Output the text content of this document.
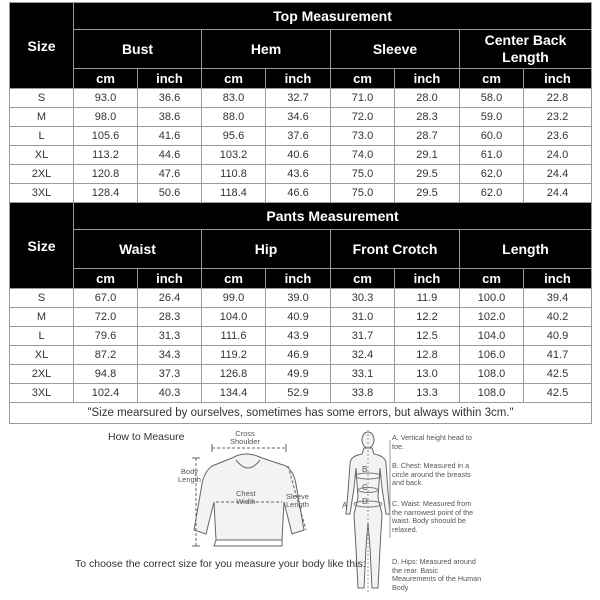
Size	Top Measurement							
	Bust		Hem		Sleeve		Center Back Length	
	cm	inch	cm	inch	cm	inch	cm	inch
S	93.0	36.6	83.0	32.7	71.0	28.0	58.0	22.8
M	98.0	38.6	88.0	34.6	72.0	28.3	59.0	23.2
L	105.6	41.6	95.6	37.6	73.0	28.7	60.0	23.6
XL	113.2	44.6	103.2	40.6	74.0	29.1	61.0	24.0
2XL	120.8	47.6	110.8	43.6	75.0	29.5	62.0	24.4
3XL	128.4	50.6	118.4	46.6	75.0	29.5	62.0	24.4
Size	Pants Measurement							
	Waist		Hip		Front Crotch		Length	
	cm	inch	cm	inch	cm	inch	cm	inch
S	67.0	26.4	99.0	39.0	30.3	11.9	100.0	39.4
M	72.0	28.3	104.0	40.9	31.0	12.2	102.0	40.2
L	79.6	31.3	111.6	43.9	31.7	12.5	104.0	40.9
XL	87.2	34.3	119.2	46.9	32.4	12.8	106.0	41.7
2XL	94.8	37.3	126.8	49.9	33.1	13.0	108.0	42.5
3XL	102.4	40.3	134.4	52.9	33.8	13.3	108.0	42.5
"Size mearsured by ourselves, sometimes has some errors, but always within 3cm."								
How to Measure	Cross
Shoulder
Body
Length
Chest
Width
Sleeve
Length
B
C
D
A
A. Vertical height head to toe.
B. Chest: Measured in a circle around the breasts and back.
C. Waist: Measured from the narrowest point of the waist. Body shoould be relaxed.
D. Hips: Measured around the rear. Basic Meaurements of the Human Body
To choose the correct size for you measure your body like this:
